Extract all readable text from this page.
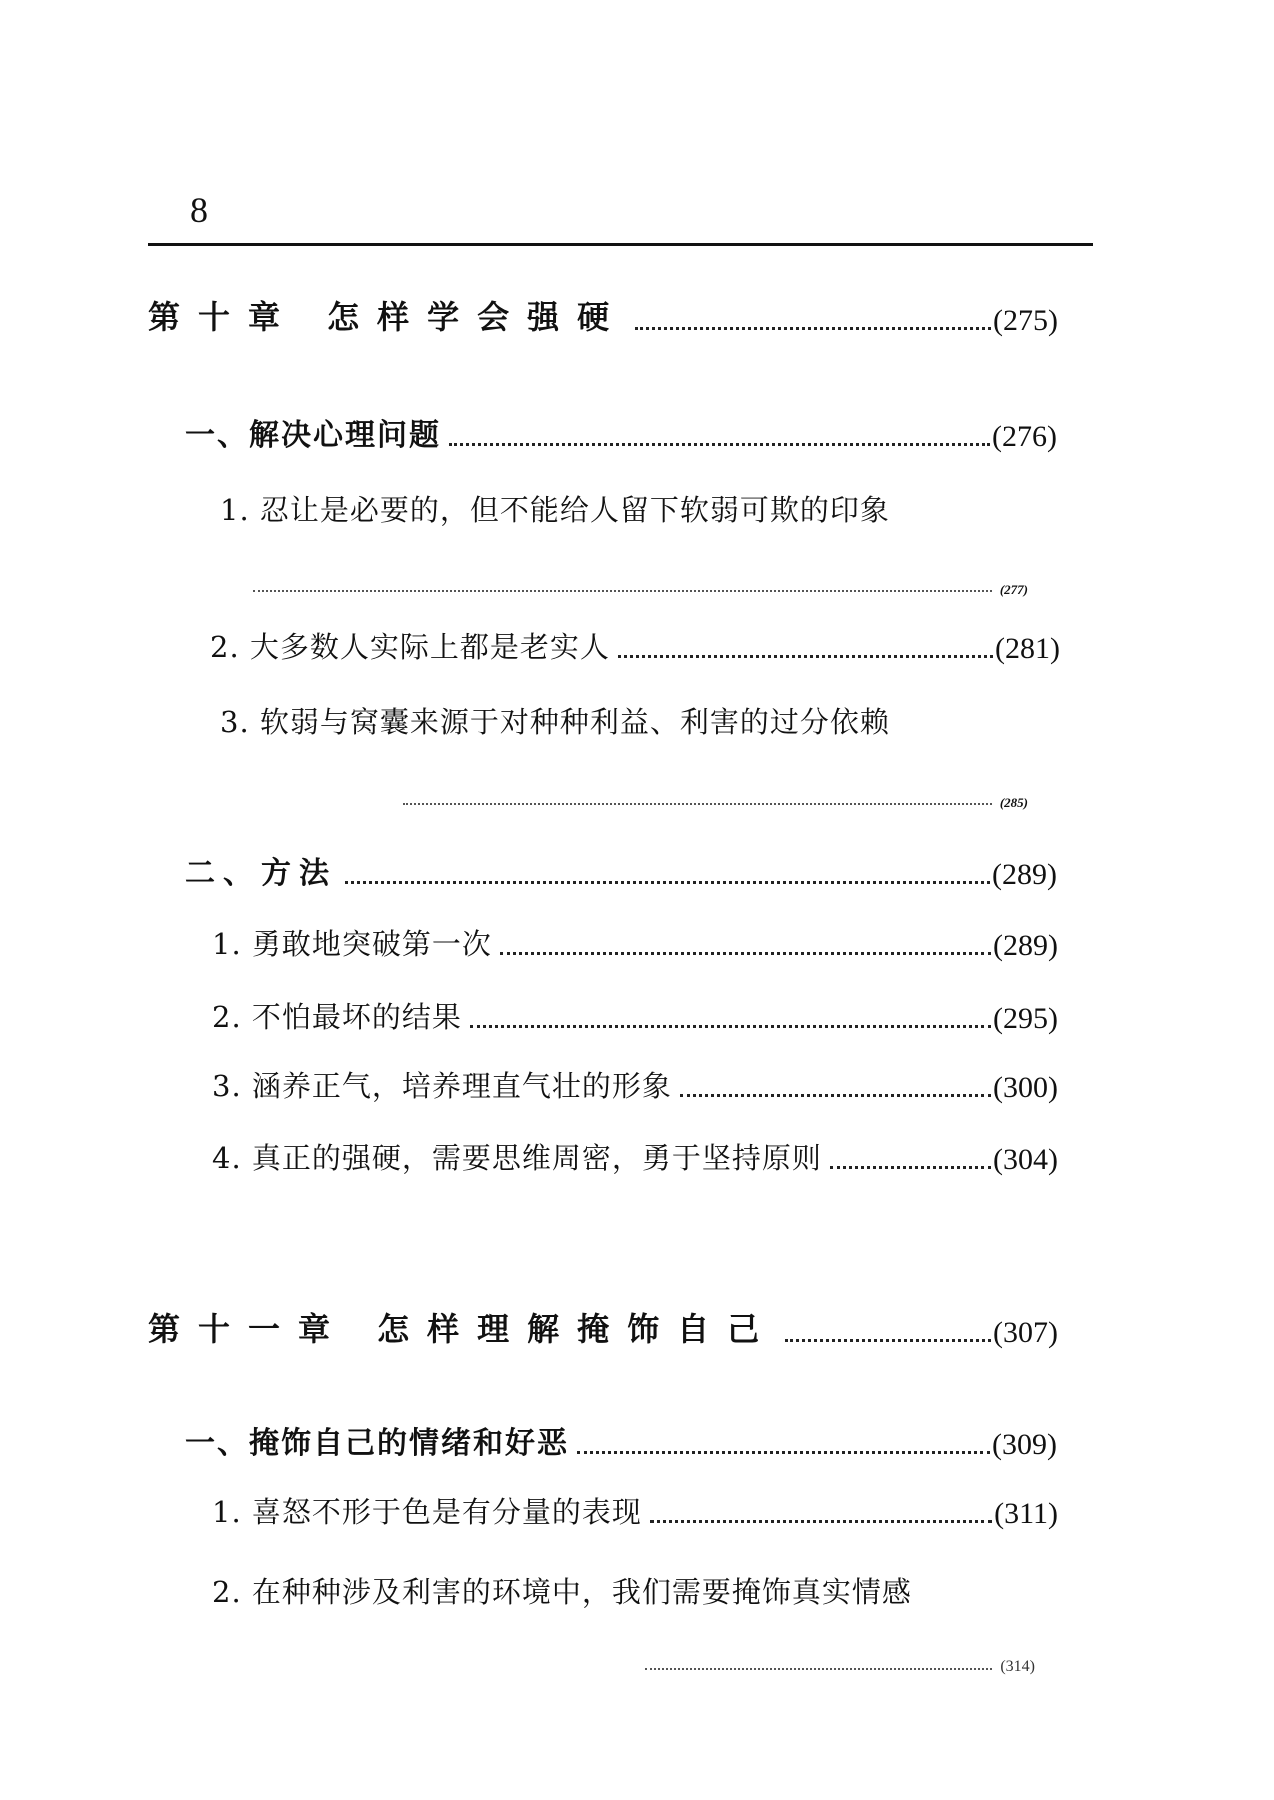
8
第十章 怎样学会强硬	(275)
一、解决心理问题	(276)
1. 忍让是必要的，但不能给人留下软弱可欺的印象
(277)
2. 大多数人实际上都是老实人	(281)
3. 软弱与窝囊来源于对种种利益、利害的过分依赖
(285)
二、方法	(289)
1. 勇敢地突破第一次	(289)
2. 不怕最坏的结果	(295)
3. 涵养正气，培养理直气壮的形象	(300)
4. 真正的强硬，需要思维周密，勇于坚持原则	(304)
第十一章 怎样理解掩饰自己	(307)
一、掩饰自己的情绪和好恶	(309)
1. 喜怒不形于色是有分量的表现	(311)
2. 在种种涉及利害的环境中，我们需要掩饰真实情感
(314)
